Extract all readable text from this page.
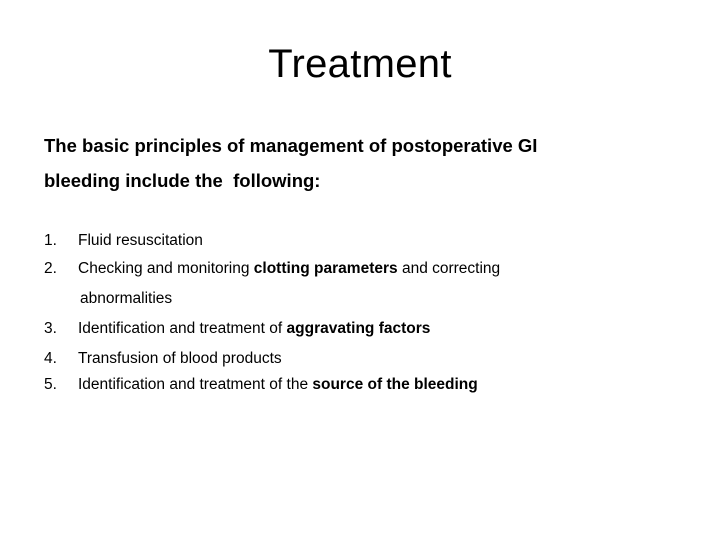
Treatment
The basic principles of management of postoperative GI
bleeding include the  following:
1. Fluid resuscitation
2. Checking and monitoring clotting parameters and correcting
abnormalities
3. Identification and treatment of aggravating factors
4. Transfusion of blood products
5. Identification and treatment of the source of the bleeding
